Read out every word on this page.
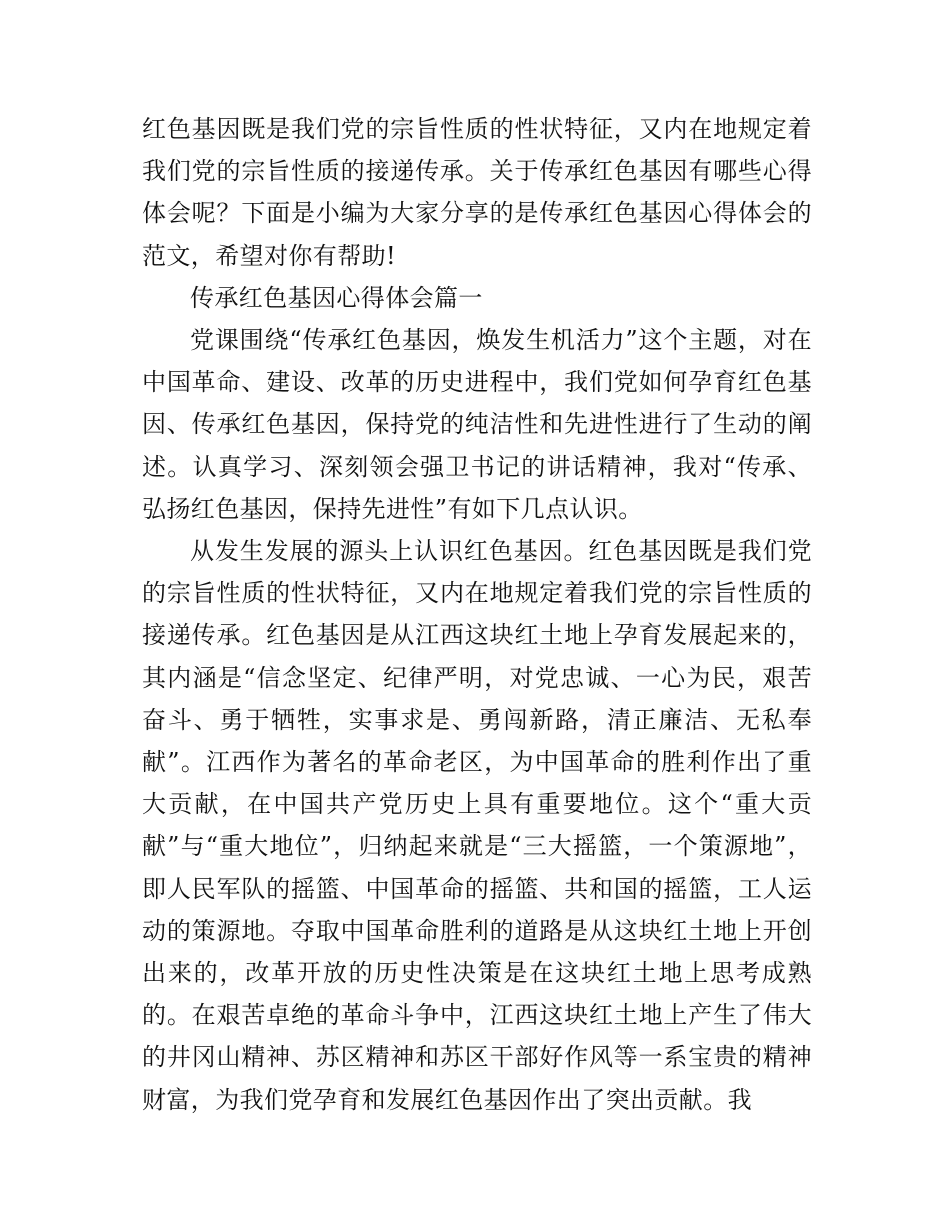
红色基因既是我们党的宗旨性质的性状特征，又内在地规定着我们党的宗旨性质的接递传承。关于传承红色基因有哪些心得体会呢？下面是小编为大家分享的是传承红色基因心得体会的范文，希望对你有帮助!

传承红色基因心得体会篇一

党课围绕“传承红色基因，焕发生机活力”这个主题，对在中国革命、建设、改革的历史进程中，我们党如何孕育红色基因、传承红色基因，保持党的纯洁性和先进性进行了生动的阐述。认真学习、深刻领会强卫书记的讲话精神，我对“传承、弘扬红色基因，保持先进性”有如下几点认识。

从发生发展的源头上认识红色基因。红色基因既是我们党的宗旨性质的性状特征，又内在地规定着我们党的宗旨性质的接递传承。红色基因是从江西这块红土地上孕育发展起来的，其内涵是“信念坚定、纪律严明，对党忠诚、一心为民，艰苦奋斗、勇于牺牲，实事求是、勇闯新路，清正廉洁、无私奉献”。江西作为著名的革命老区，为中国革命的胜利作出了重大贡献，在中国共产党历史上具有重要地位。这个“重大贡献”与“重大地位”，归纳起来就是“三大摇篮，一个策源地”，即人民军队的摇篮、中国革命的摇篮、共和国的摇篮，工人运动的策源地。夺取中国革命胜利的道路是从这块红土地上开创出来的，改革开放的历史性决策是在这块红土地上思考成熟的。在艰苦卓绝的革命斗争中，江西这块红土地上产生了伟大的井冈山精神、苏区精神和苏区干部好作风等一系宝贵的精神财富，为我们党孕育和发展红色基因作出了突出贡献。我
